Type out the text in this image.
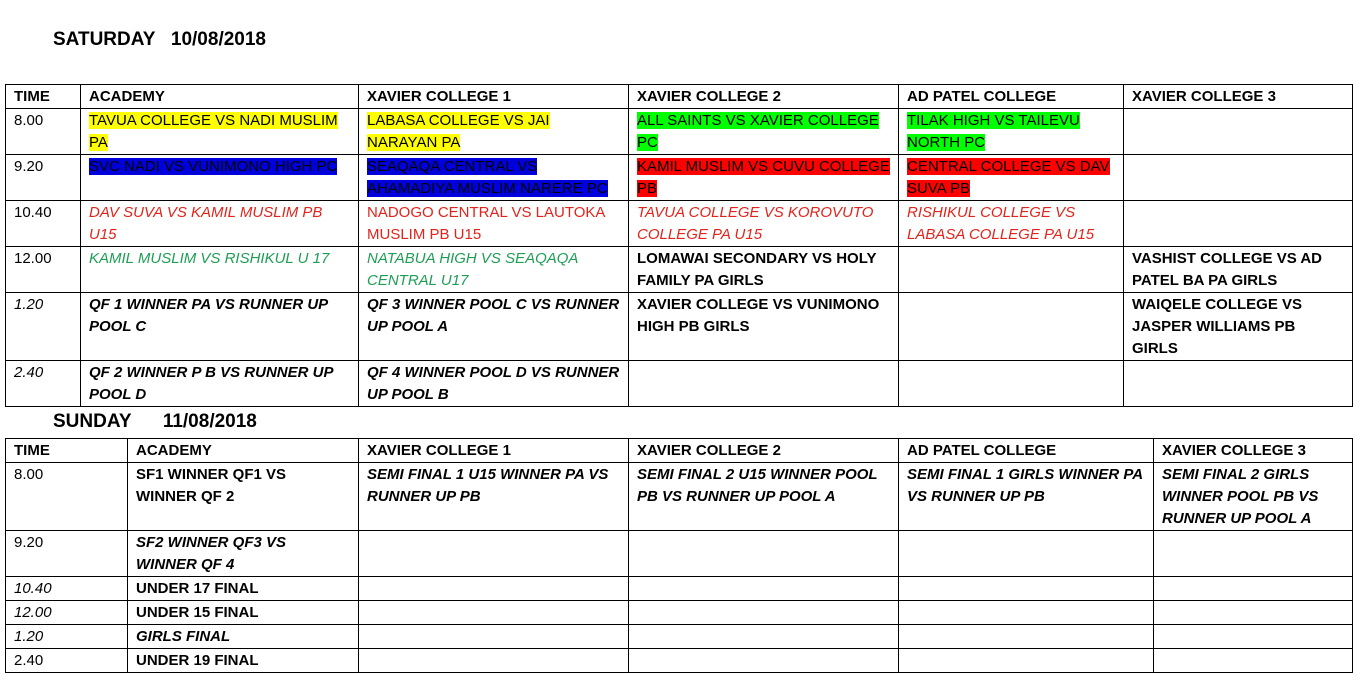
SATURDAY   10/08/2018
TIME	ACADEMY	XAVIER COLLEGE 1	XAVIER COLLEGE 2	AD PATEL COLLEGE	XAVIER COLLEGE 3
8.00	TAVUA COLLEGE VS NADI MUSLIM PA	LABASA COLLEGE VS JAI NARAYAN PA	ALL SAINTS VS XAVIER COLLEGE PC	TILAK HIGH VS TAILEVU NORTH PC	
9.20	SVC NADI VS VUNIMONO HIGH PC	SEAQAQA CENTRAL VS AHAMADIYA MUSLIM NARERE PC	KAMIL MUSLIM VS CUVU COLLEGE PB	CENTRAL COLLEGE VS DAV SUVA PB	
10.40	DAV SUVA VS KAMIL MUSLIM PB U15	NADOGO CENTRAL VS LAUTOKA MUSLIM PB U15	TAVUA COLLEGE VS KOROVUTO COLLEGE PA U15	RISHIKUL COLLEGE VS LABASA COLLEGE PA U15	
12.00	KAMIL MUSLIM VS RISHIKUL U 17	NATABUA HIGH VS SEAQAQA CENTRAL U17	LOMAWAI SECONDARY VS HOLY FAMILY PA GIRLS		VASHIST COLLEGE VS AD PATEL BA PA GIRLS
1.20	QF 1 WINNER PA VS RUNNER UP POOL C	QF 3 WINNER POOL C VS RUNNER UP POOL A	XAVIER COLLEGE VS VUNIMONO HIGH PB GIRLS		WAIQELE COLLEGE VS JASPER WILLIAMS PB GIRLS
2.40	QF 2 WINNER P B VS RUNNER UP POOL D	QF 4 WINNER POOL D VS RUNNER UP POOL B			
SUNDAY      11/08/2018
TIME	ACADEMY	XAVIER COLLEGE 1	XAVIER COLLEGE 2	AD PATEL COLLEGE	XAVIER COLLEGE 3
8.00	SF1 WINNER QF1 VS WINNER QF 2	SEMI FINAL 1 U15 WINNER PA VS RUNNER UP PB	SEMI FINAL 2 U15 WINNER POOL PB VS RUNNER UP POOL A	SEMI FINAL 1 GIRLS WINNER PA VS RUNNER UP PB	SEMI FINAL 2 GIRLS WINNER POOL PB VS RUNNER UP POOL A
9.20	SF2 WINNER QF3 VS WINNER QF 4				
10.40	UNDER 17 FINAL				
12.00	UNDER 15 FINAL				
1.20	GIRLS FINAL				
2.40	UNDER 19 FINAL				
